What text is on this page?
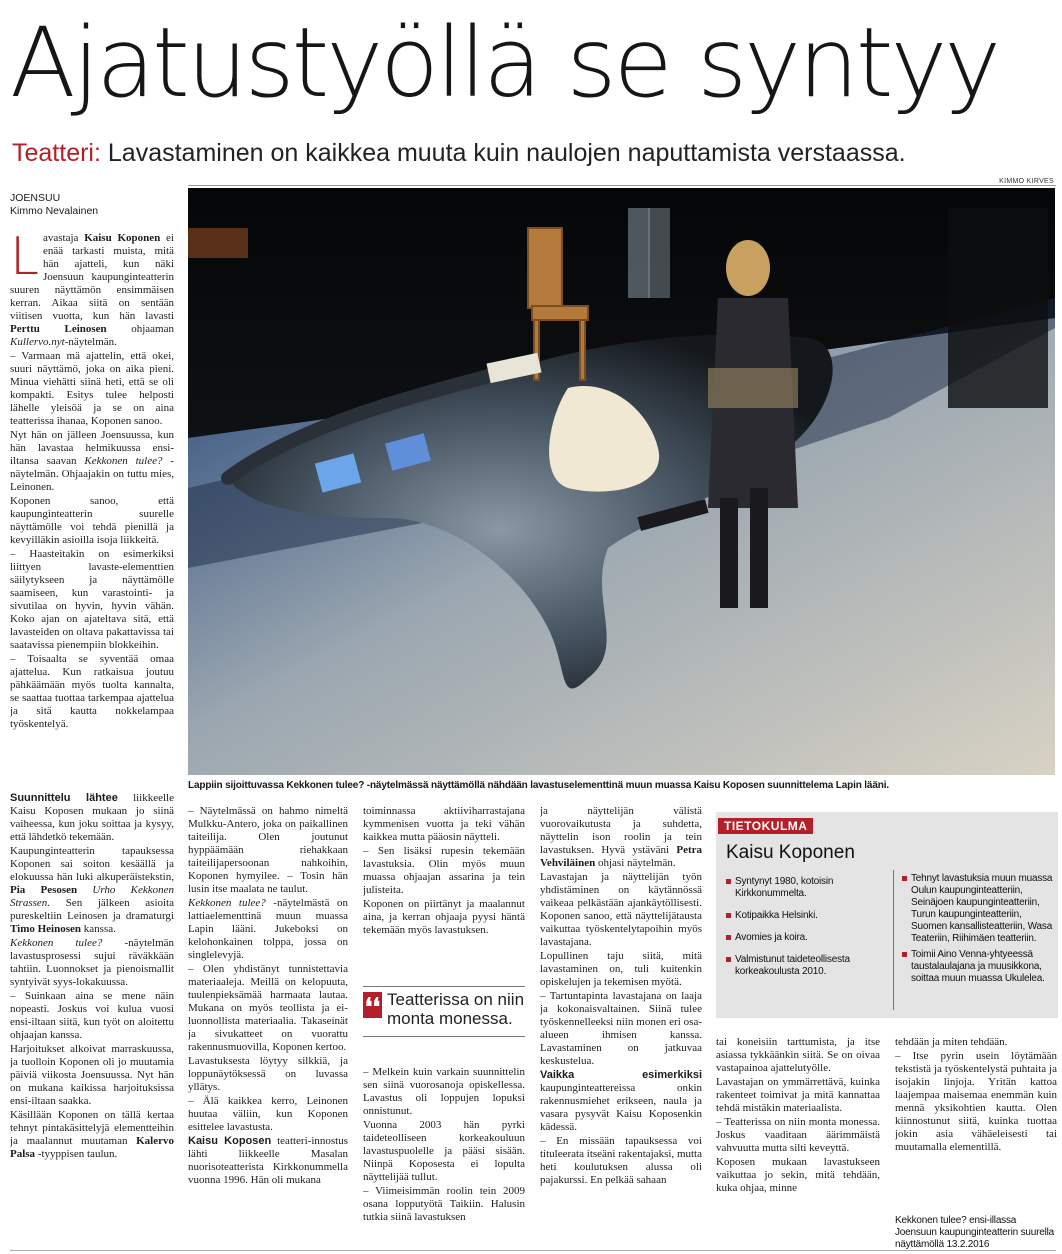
Ajatustyöllä se syntyy
Teatteri: Lavastaminen on kaikkea muuta kuin naulojen naputtamista verstaassa.
JOENSUU
Kimmo Nevalainen
KIMMO KIRVES
Lappiin sijoittuvassa Kekkonen tulee? -näytelmässä näyttämöllä nähdään lavastuselementtinä muun muassa Kaisu Koposen suunnittelema Lapin lääni.

Lavastaja Kaisu Koponen ei enää tarkasti muista, mitä hän ajatteli, kun näki Joensuun kaupunginteatterin suuren näyttämön ensimmäisen kerran. Aikaa siitä on sentään viitisen vuotta, kun hän lavasti Perttu Leinosen ohjaaman Kullervo.nyt-näytelmän.

– Varmaan mä ajattelin, että okei, suuri näyttämö, joka on aika pieni. Minua viehätti siinä heti, että se oli kompakti. Esitys tulee helposti lähelle yleisöä ja se on aina teatterissa ihanaa, Koponen sanoo.

Nyt hän on jälleen Joensuussa, kun hän lavastaa helmikuussa ensi-iltansa saavan Kekkonen tulee? -näytelmän. Ohjaajakin on tuttu mies, Leinonen.

Koponen sanoo, että kaupunginteatterin suurelle näyttämölle voi tehdä pienillä ja kevyilläkin asioilla isoja liikkeitä.

– Haasteitakin on esimerkiksi liittyen lavaste-elementtien säilytykseen ja näyttämölle saamiseen, kun varastointi- ja sivutilaa on hyvin, hyvin vähän. Koko ajan on ajateltava sitä, että lavasteiden on oltava pakattavissa tai saatavissa pienempiin blokkeihin.

– Toisaalta se syventää omaa ajattelua. Kun ratkaisua joutuu pähkäämään myös tuolta kannalta, se saattaa tuottaa tarkempaa ajattelua ja sitä kautta nokkelampaa työskentelyä.

Suunnittelu lähtee liikkeelle Kaisu Koposen mukaan jo siinä vaiheessa, kun joku soittaa ja kysyy, että lähdetkö tekemään.

Kaupunginteatterin tapauksessa Koponen sai soiton kesäällä ja elokuussa hän luki alkuperäistekstin, Pia Pesosen Urho Kekkonen Strassen. Sen jälkeen asioita pureskeltiin Leinosen ja dramaturgi Timo Heinosen kanssa.

Kekkonen tulee? -näytelmän lavastusprosessi sujui räväkkään tahtiin. Luonnokset ja pienoismallit syntyivät syys-lokakuussa.

– Suinkaan aina se mene näin nopeasti. Joskus voi kulua vuosi ensi-iltaan siitä, kun työt on aloitettu ohjaajan kanssa.

Harjoitukset alkoivat marraskuussa, ja tuolloin Koponen oli jo muutamia päiviä viikosta Joensuussa. Nyt hän on mukana kaikissa harjoituksissa ensi-iltaan saakka.

Käsillään Koponen on tällä kertaa tehnyt pintakäsittelyjä elementteihin ja maalannut muutaman Kalervo Palsa -tyyppisen taulun.

– Näytelmässä on hahmo nimeltä Mulkku-Antero, joka on paikallinen taiteilija. Olen joutunut hyppäämään riehakkaan taiteilijapersoonan nahkoihin, Koponen hymyilee. – Tosin hän lusin itse maalata ne taulut.

Kekkonen tulee? -näytelmästä on lattiaelementtinä muun muassa Lapin lääni. Jukeboksi on kelohonkainen tolppa, jossa on singlelevyjä.

– Olen yhdistänyt tunnistettavia materiaaleja. Meillä on kelopuuta, tuulenpieksämää harmaata lautaa. Mukana on myös teollista ja ei-luonnollista materiaalia. Takaseinät ja sivukatteet on vuorattu rakennusmuovilla, Koponen kertoo.

Lavastuksesta löytyy silkkiä, ja loppunäytöksessä on luvassa yllätys.

– Älä kaikkea kerro, Leinonen huutaa väliin, kun Koponen esittelee lavastusta.

Kaisu Koposen teatteri-innostus lähti liikkeelle Masalan nuorisoteatterista Kirkkonummella vuonna 1996. Hän oli mukana

toiminnassa aktiiviharrastajana kymmenisen vuotta ja teki vähän kaikkea mutta pääosin näytteli.

– Sen lisäksi rupesin tekemään lavastuksia. Olin myös muun muassa ohjaajan assarina ja tein julisteita.

Koponen on piirtänyt ja maalannut aina, ja kerran ohjaaja pyysi häntä tekemään myös lavastuksen.

❛❛ Teatterissa on niin monta monessa.

– Melkein kuin varkain suunnittelin sen siinä vuorosanoja opiskellessa. Lavastus oli loppujen lopuksi onnistunut.

Vuonna 2003 hän pyrki taideteolliseen korkeakouluun lavastuspuolelle ja pääsi sisään. Niinpä Koposesta ei lopulta näyttelijää tullut.

– Viimeisimmän roolin tein 2009 osana lopputyötä Taikiin. Halusin tutkia siinä lavastuksen

ja näyttelijän välistä vuorovaikutusta ja suhdetta, näyttelin ison roolin ja tein lavastuksen. Hyvä ystäväni Petra Vehviläinen ohjasi näytelmän.

Lavastajan ja näyttelijän työn yhdistäminen on käytännössä vaikeaa pelkästään ajankäytöllisesti. Koponen sanoo, että näyttelijätausta vaikuttaa työskentelytapoihin myös lavastajana.

Lopullinen taju siitä, mitä lavastaminen on, tuli kuitenkin opiskelujen ja tekemisen myötä.

– Tartuntapinta lavastajana on laaja ja kokonaisvaltainen. Siinä tulee työskennelleeksi niin monen eri osa-alueen ihmisen kanssa. Lavastaminen on jatkuvaa keskustelua.

Vaikka esimerkiksi kaupunginteattereissa onkin rakennusmiehet erikseen, naula ja vasara pysyvät Kaisu Koposenkin kädessä.

– En missään tapauksessa voi tituleerata itseäni rakentajaksi, mutta heti koulutuksen alussa oli pajakurssi. En pelkää sahaan

TIETOKULMA
Kaisu Koponen
Syntynyt 1980, kotoisin Kirkkonummelta.
Kotipaikka Helsinki.
Avomies ja koira.
Valmistunut taideteollisesta korkeakoulusta 2010.
Tehnyt lavastuksia muun muassa Oulun kaupunginteatteriin, Seinäjoen kaupunginteatteriin, Turun kaupunginteatteriin, Suomen kansallisteatteriin, Wasa Teateriin, Riihimäen teatteriin.
Toimii Aino Venna-yhtyeessä taustalaulajana ja muusikkona, soittaa muun muassa Ukulelea.

tai koneisiin tarttumista, ja itse asiassa tykkäänkin siitä. Se on oivaa vastapainoa ajattelutyölle.

Lavastajan on ymmärrettävä, kuinka rakenteet toimivat ja mitä kannattaa tehdä mistäkin materiaalista.

– Teatterissa on niin monta monessa. Joskus vaaditaan äärimmäistä vahvuutta mutta silti keveyttä.

Koposen mukaan lavastukseen vaikuttaa jo sekin, mitä tehdään, kuka ohjaa, minne

tehdään ja miten tehdään.

– Itse pyrin usein löytämään tekstistä ja työskentelystä puhtaita ja isojakin linjoja. Yritän kattoa laajempaa maisemaa enemmän kuin mennä yksikohtien kautta. Olen kiinnostunut siitä, kuinka tuottaa jokin asia vähäeleisesti tai muutamalla elementillä.

Kekkonen tulee? ensi-illassa Joensuun kaupunginteatterin suurella näyttämöllä 13.2.2016
